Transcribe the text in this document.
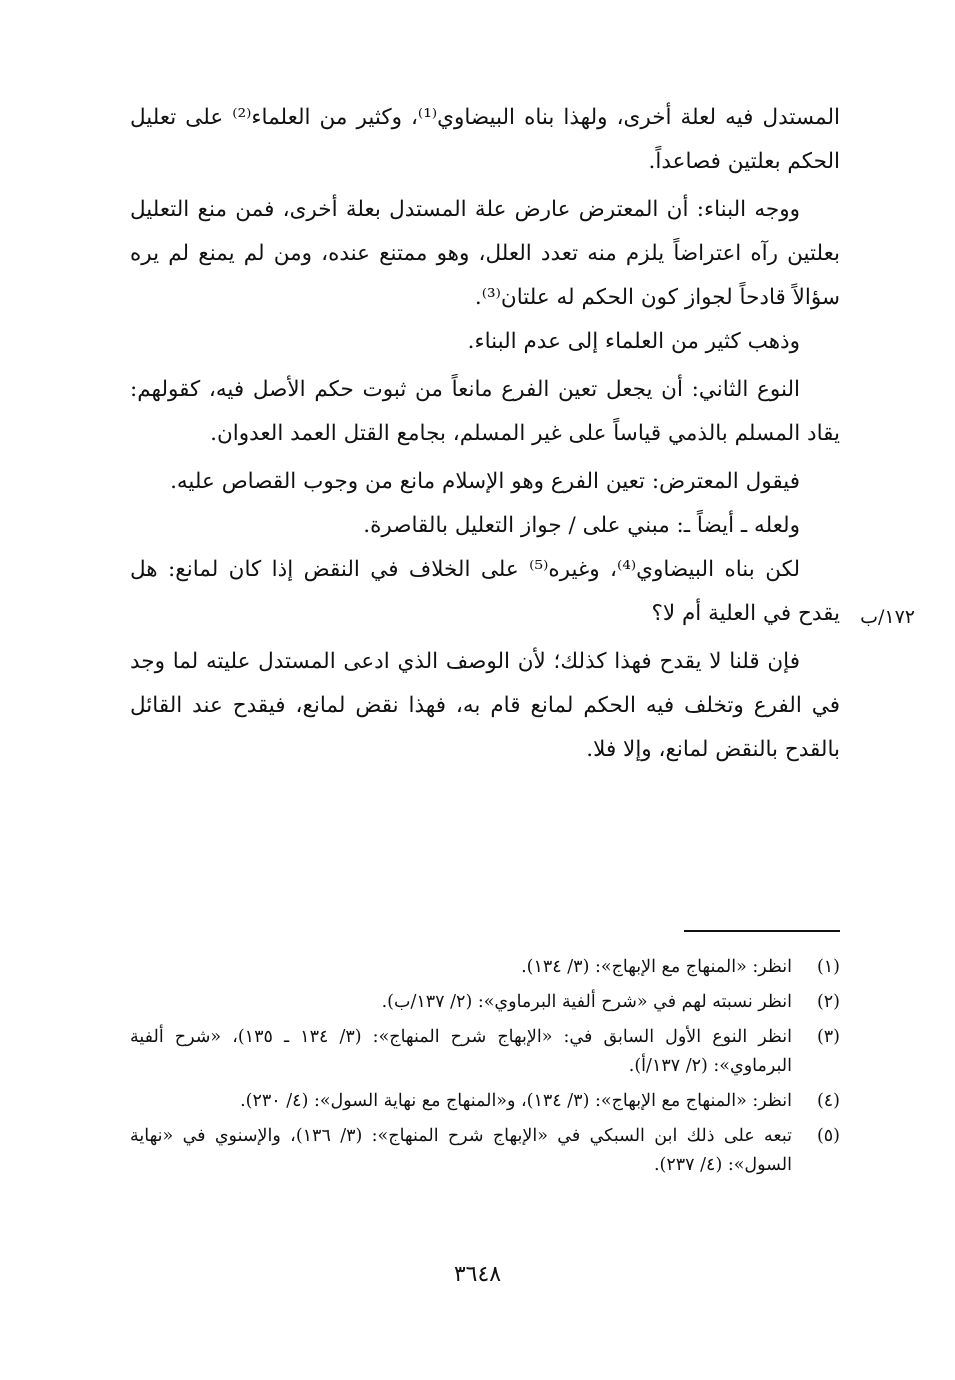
المستدل فيه لعلة أخرى، ولهذا بناه البيضاوي⁽¹⁾، وكثير من العلماء⁽²⁾ على تعليل الحكم بعلتين فصاعداً.

ووجه البناء: أن المعترض عارض علة المستدل بعلة أخرى، فمن منع التعليل بعلتين رآه اعتراضاً يلزم منه تعدد العلل، وهو ممتنع عنده، ومن لم يمنع لم يره سؤالاً قادحاً لجواز كون الحكم له علتان⁽³⁾.

وذهب كثير من العلماء إلى عدم البناء.

النوع الثاني: أن يجعل تعين الفرع مانعاً من ثبوت حكم الأصل فيه، كقولهم: يقاد المسلم بالذمي قياساً على غير المسلم، بجامع القتل العمد العدوان.

فيقول المعترض: تعين الفرع وهو الإسلام مانع من وجوب القصاص عليه.

ولعله ـ أيضاً ـ: مبني على / جواز التعليل بالقاصرة.

لكن بناه البيضاوي⁽⁴⁾، وغيره⁽⁵⁾ على الخلاف في النقض إذا كان لمانع: هل يقدح في العلية أم لا؟

فإن قلنا لا يقدح فهذا كذلك؛ لأن الوصف الذي ادعى المستدل عليته لما وجد في الفرع وتخلف فيه الحكم لمانع قام به، فهذا نقض لمانع، فيقدح عند القائل بالقدح بالنقض لمانع، وإلا فلا.

١٧٢/ب
(١)
انظر: «المنهاج مع الإبهاج»: (٣/ ١٣٤).
(٢)
انظر نسبته لهم في «شرح ألفية البرماوي»: (٢/ ١٣٧/ب).
(٣)
انظر النوع الأول السابق في: «الإبهاج شرح المنهاج»: (٣/ ١٣٤ ـ ١٣٥)، «شرح ألفية البرماوي»: (٢/ ١٣٧/أ).
(٤)
انظر: «المنهاج مع الإبهاج»: (٣/ ١٣٤)، و«المنهاج مع نهاية السول»: (٤/ ٢٣٠).
(٥)
تبعه على ذلك ابن السبكي في «الإبهاج شرح المنهاج»: (٣/ ١٣٦)، والإسنوي في «نهاية السول»: (٤/ ٢٣٧).
٣٦٤٨
